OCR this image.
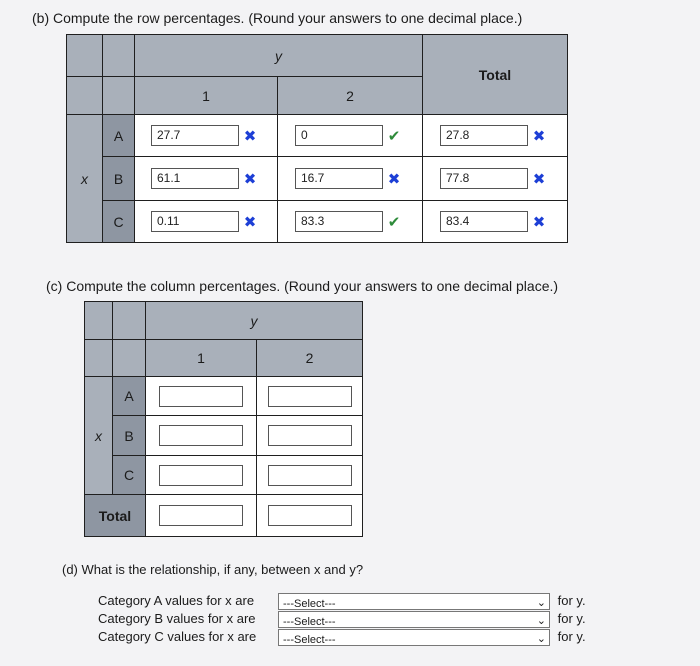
(b) Compute the row percentages. (Round your answers to one decimal place.)
		y		Total
		1	2	
x	A	27.7 ✖	0 ✔	27.8 ✖
	B	61.1 ✖	16.7 ✖	77.8 ✖
	C	0.11 ✖	83.3 ✔	83.4 ✖
(c) Compute the column percentages. (Round your answers to one decimal place.)
		y	
		1	2
x	A		
	B		
	C		
Total			
(d) What is the relationship, if any, between x and y?
Category A values for x are	---Select---	⌄ for y.
Category B values for x are ---Select---	⌄ for y.
Category C values for x are ---Select---	⌄ for y.
